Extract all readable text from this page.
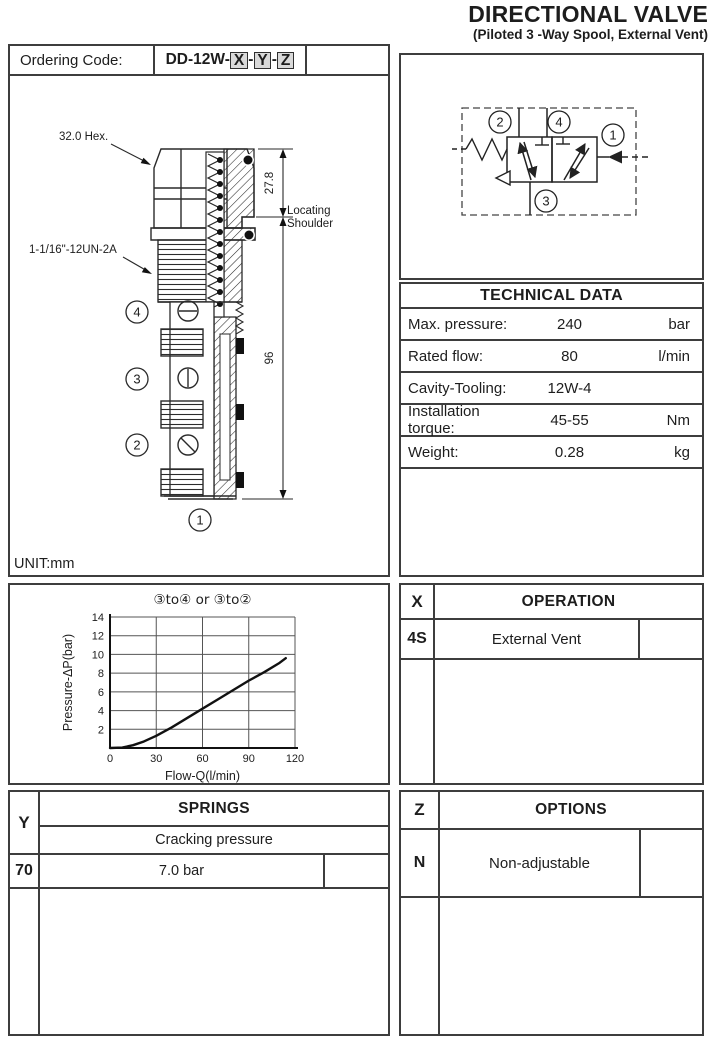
DIRECTIONAL VALVE
(Piloted 3 -Way Spool, External Vent)
Ordering Code:	DD-12W- X - Y - Z
27.8
96
Locating
Shoulder
32.0 Hex.
1-1/16"-12UN-2A
4
3
2
1
UNIT:mm
2	4
1
3
TECHNICAL DATA
Max. pressure:	240	bar
Rated flow:	80	l/min
Cavity-Tooling:	12W-4
Installation torque:	45-55	Nm
Weight:	0.28	kg
0	30	60	90	120
2
4
6
8
10
12
14
③to④ or ③to②
Flow-Q(l/min)
Pressure-ΔP(bar)
X	OPERATION
4S	External Vent
Y
SPRINGS
Cracking pressure
70	7.0 bar
Z	OPTIONS
N	Non-adjustable
